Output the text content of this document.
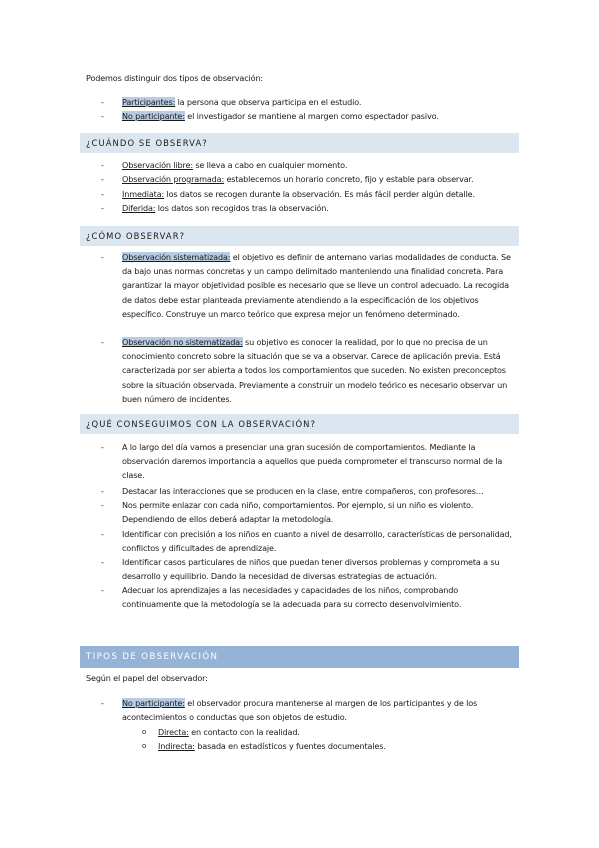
Podemos distinguir dos tipos de observación:
- Participantes: la persona que observa participa en el estudio.
- No participante: el investigador se mantiene al margen como espectador pasivo.
¿CUÁNDO SE OBSERVA?
- Observación libre: se lleva a cabo en cualquier momento.
- Observación programada: establecemos un horario concreto, fijo y estable para observar.
- Inmediata: los datos se recogen durante la observación. Es más fácil perder algún detalle.
- Diferida: los datos son recogidos tras la observación.
¿CÓMO OBSERVAR?
- Observación sistematizada: el objetivo es definir de antemano varias modalidades de conducta. Se da bajo unas normas concretas y un campo delimitado manteniendo una finalidad concreta. Para garantizar la mayor objetividad posible es necesario que se lleve un control adecuado. La recogida de datos debe estar planteada previamente atendiendo a la especificación de los objetivos específico. Construye un marco teórico que expresa mejor un fenómeno determinado.
- Observación no sistematizada: su objetivo es conocer la realidad, por lo que no precisa de un conocimiento concreto sobre la situación que se va a observar. Carece de aplicación previa. Está caracterizada por ser abierta a todos los comportamientos que suceden. No existen preconceptos sobre la situación observada. Previamente a construir un modelo teórico es necesario observar un buen número de incidentes.
¿QUÉ CONSEGUIMOS CON LA OBSERVACIÓN?
- A lo largo del día vamos a presenciar una gran sucesión de comportamientos. Mediante la observación daremos importancia a aquellos que pueda comprometer el transcurso normal de la clase.
- Destacar las interacciones que se producen en la clase, entre compañeros, con profesores…
- Nos permite enlazar con cada niño, comportamientos. Por ejemplo, si un niño es violento. Dependiendo de ellos deberá adaptar la metodología.
- Identificar con precisión a los niños en cuanto a nivel de desarrollo, características de personalidad, conflictos y dificultades de aprendizaje.
- Identificar casos particulares de niños que puedan tener diversos problemas y comprometa a su desarrollo y equilibrio. Dando la necesidad de diversas estrategias de actuación.
- Adecuar los aprendizajes a las necesidades y capacidades de los niños, comprobando continuamente que la metodología se la adecuada para su correcto desenvolvimiento.
TIPOS DE OBSERVACIÓN
Según el papel del observador:
- No participante: el observador procura mantenerse al margen de los participantes y de los acontecimientos o conductas que son objetos de estudio.
o Directa: en contacto con la realidad.
o Indirecta: basada en estadísticos y fuentes documentales.
